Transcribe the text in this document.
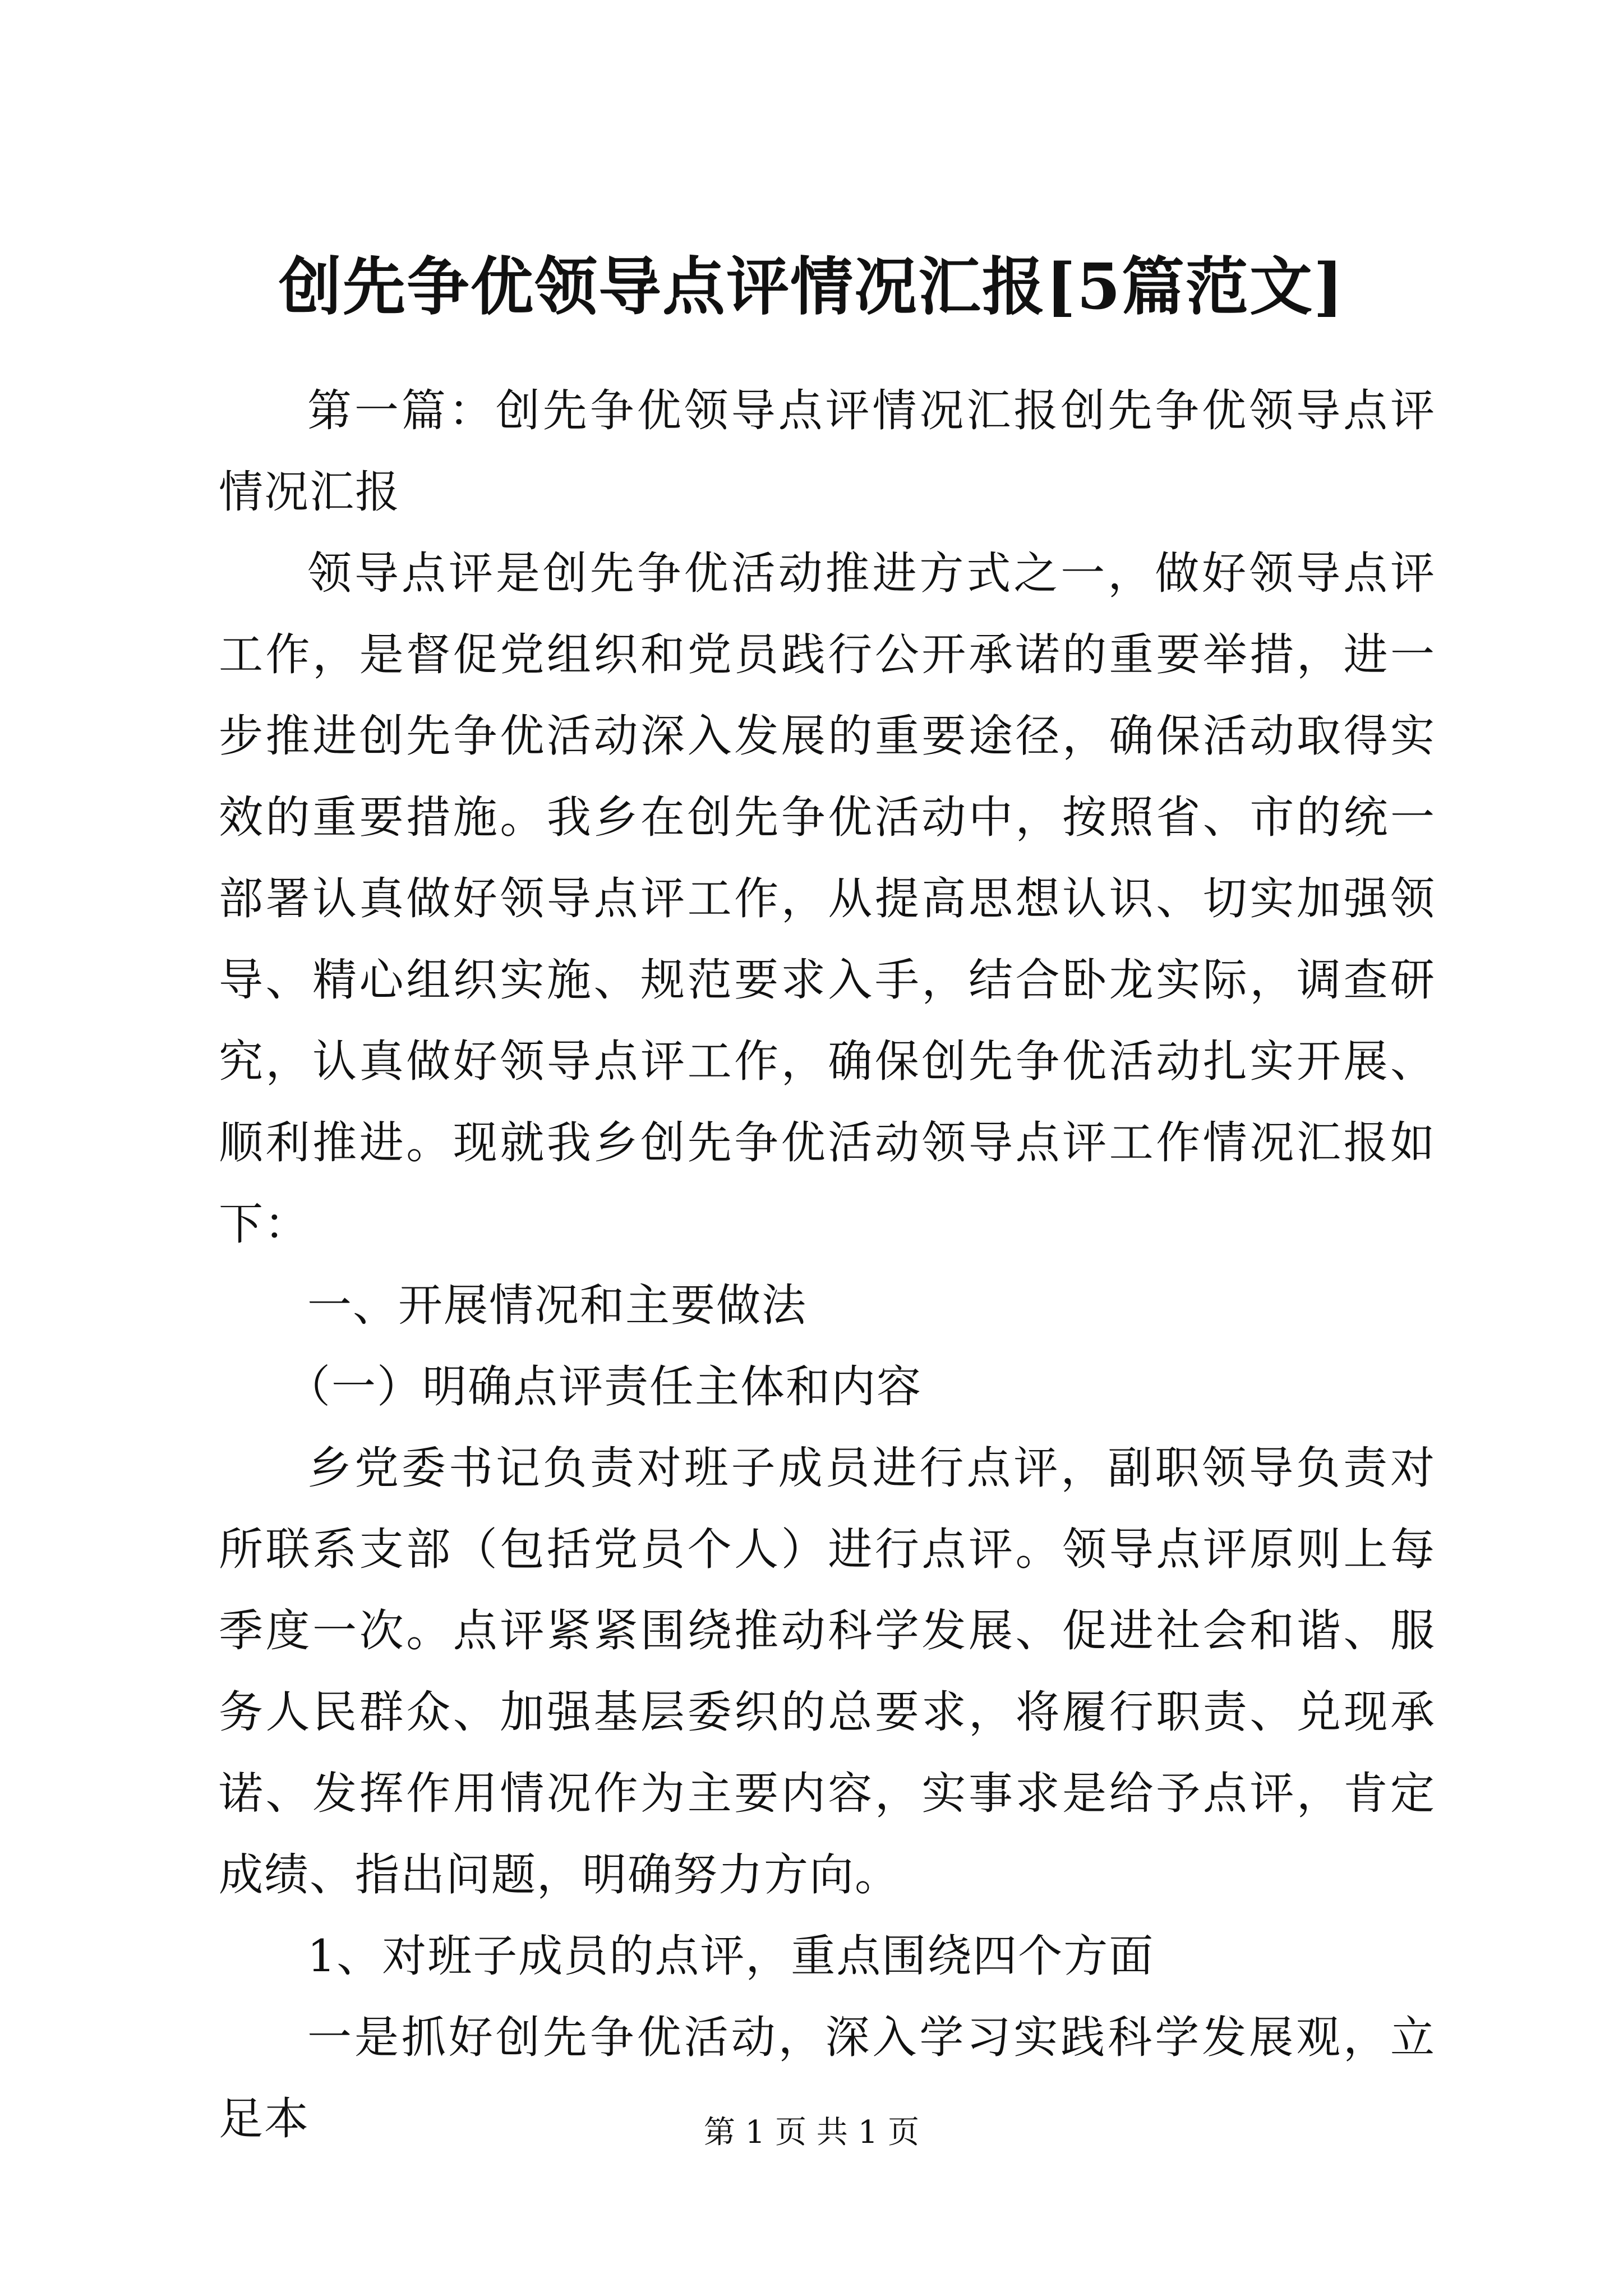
创先争优领导点评情况汇报[5篇范文]

第一篇：创先争优领导点评情况汇报创先争优领导点评情况汇报

领导点评是创先争优活动推进方式之一，做好领导点评工作，是督促党组织和党员践行公开承诺的重要举措，进一步推进创先争优活动深入发展的重要途径，确保活动取得实效的重要措施。我乡在创先争优活动中，按照省、市的统一部署认真做好领导点评工作，从提高思想认识、切实加强领导、精心组织实施、规范要求入手，结合卧龙实际，调查研究，认真做好领导点评工作，确保创先争优活动扎实开展、顺利推进。现就我乡创先争优活动领导点评工作情况汇报如下：

一、开展情况和主要做法

（一）明确点评责任主体和内容

乡党委书记负责对班子成员进行点评，副职领导负责对所联系支部（包括党员个人）进行点评。领导点评原则上每季度一次。点评紧紧围绕推动科学发展、促进社会和谐、服务人民群众、加强基层委织的总要求，将履行职责、兑现承诺、发挥作用情况作为主要内容，实事求是给予点评，肯定成绩、指出问题，明确努力方向。

1、对班子成员的点评，重点围绕四个方面

一是抓好创先争优活动，深入学习实践科学发展观，立足本	第 1 页 共 1 页
